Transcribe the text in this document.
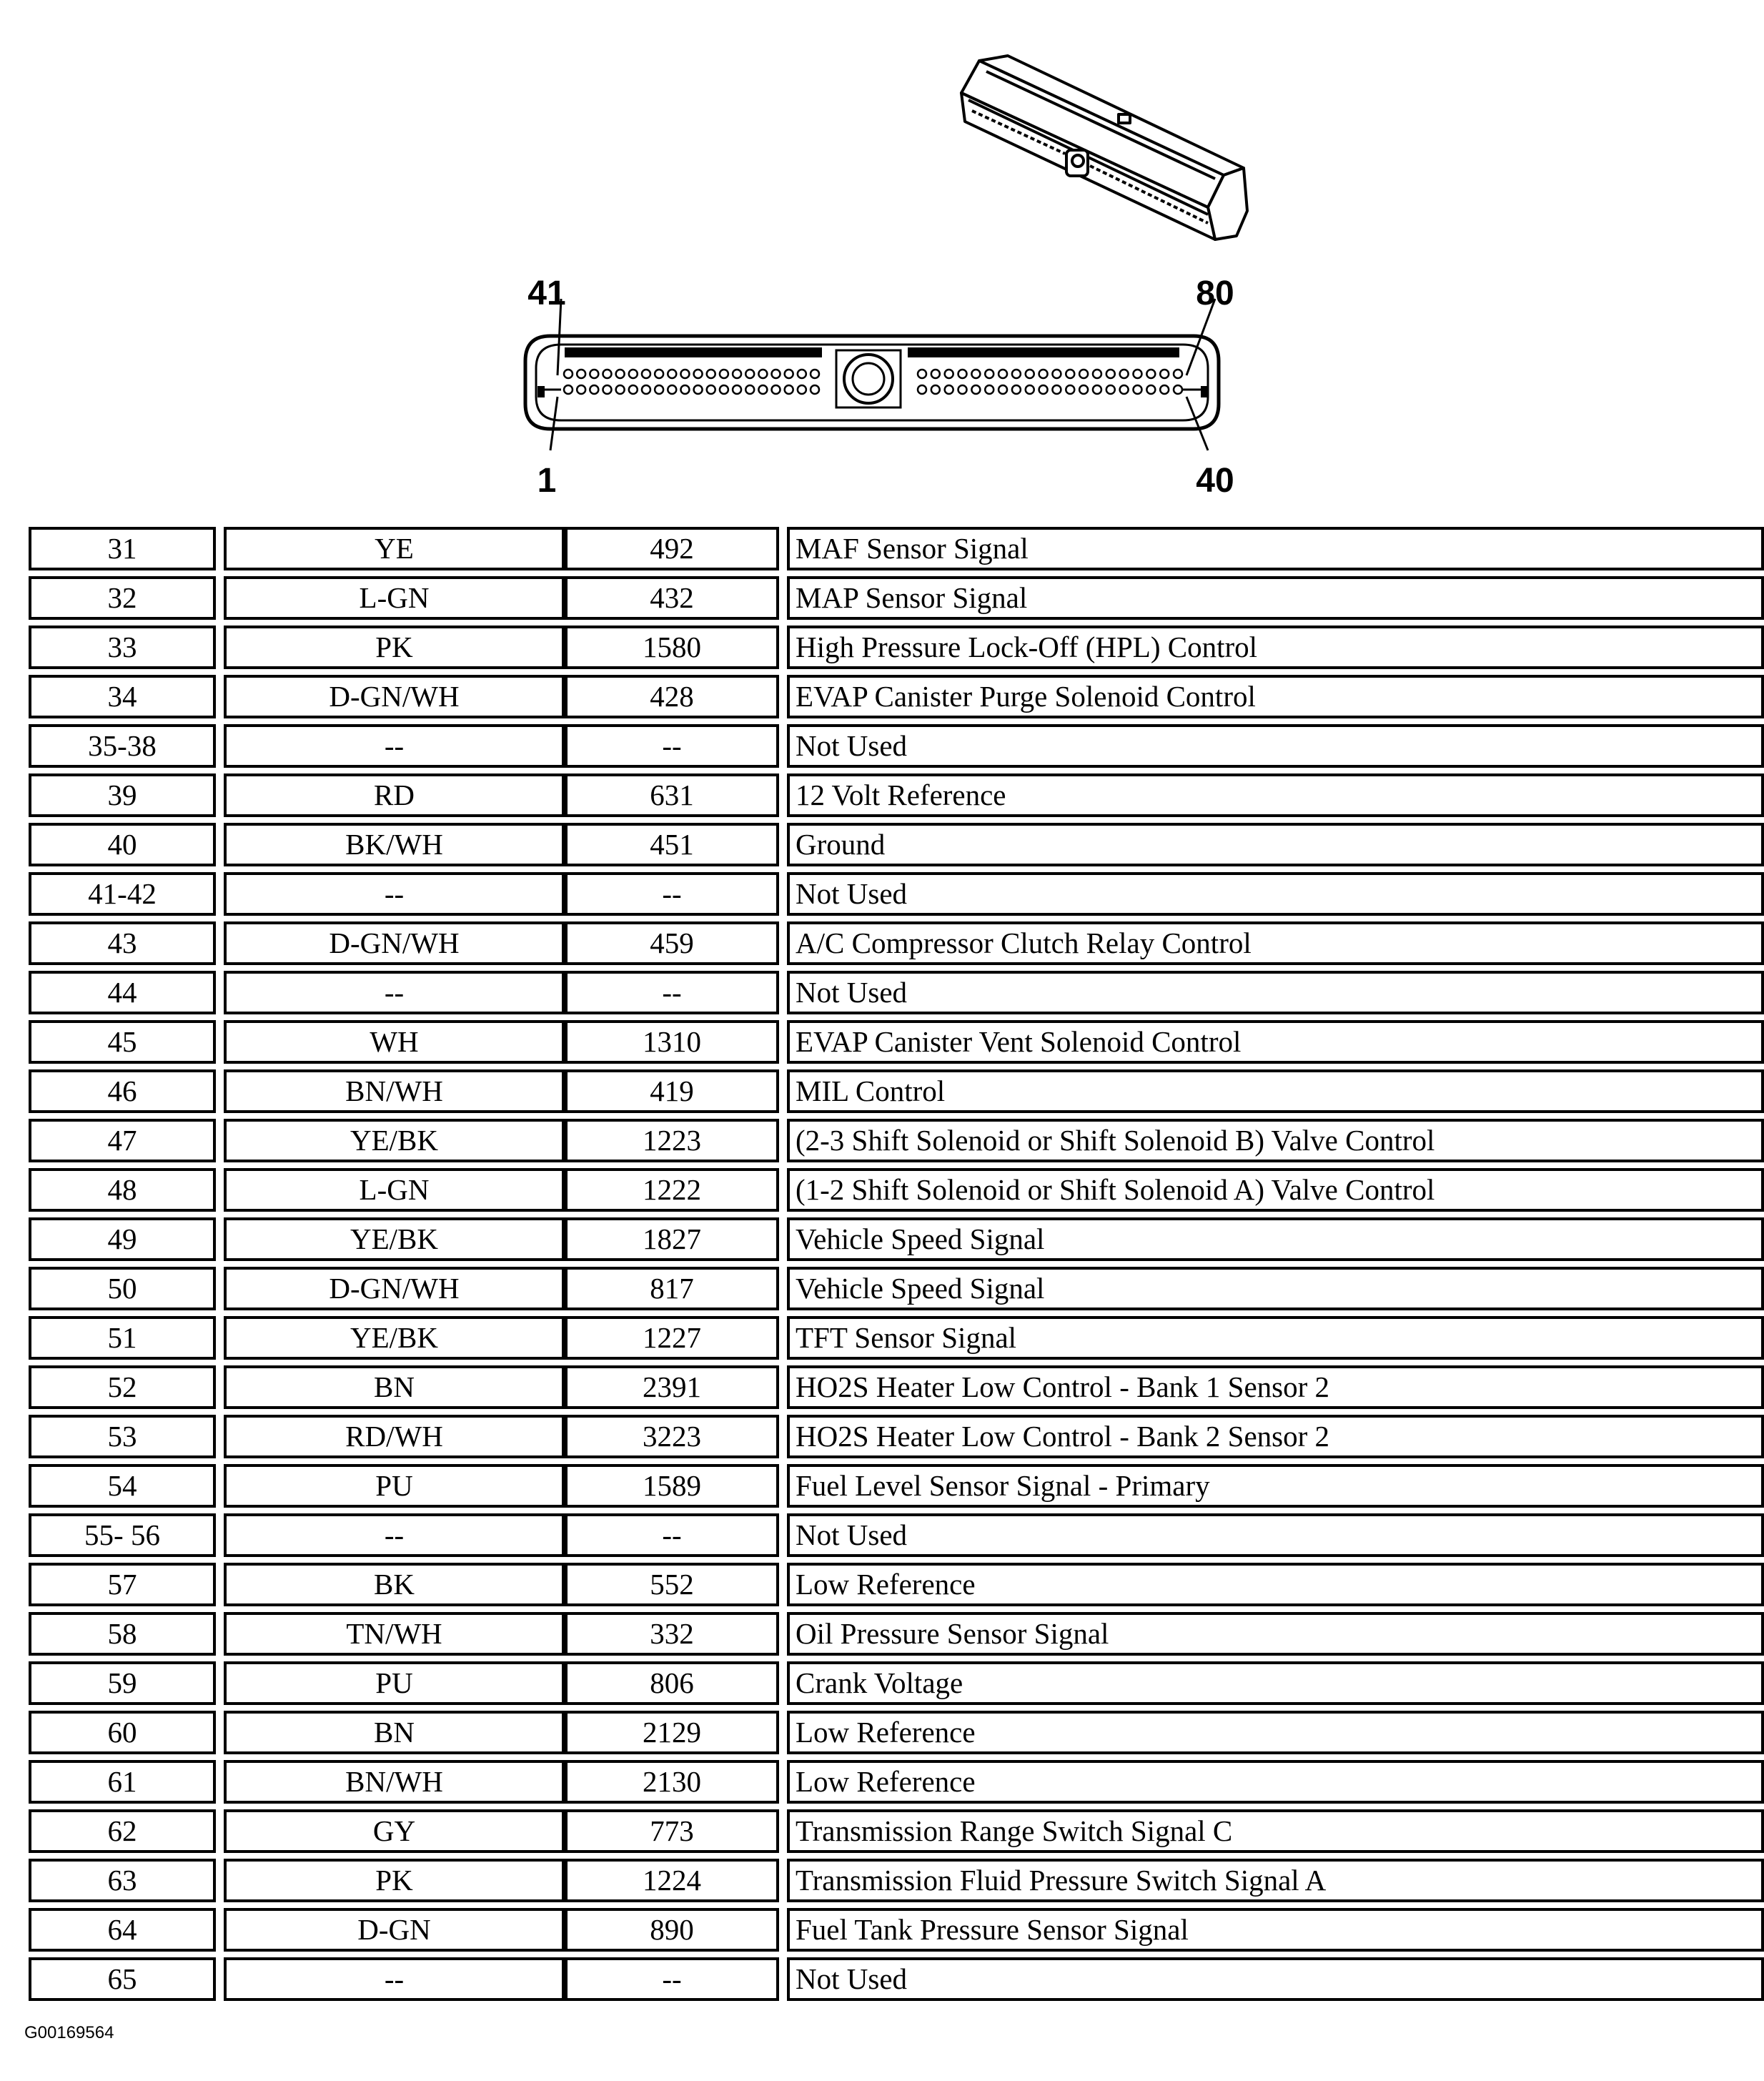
41	80
1	40
31	YE	492	MAF Sensor Signal
32	L-GN	432	MAP Sensor Signal
33	PK	1580	High Pressure Lock-Off (HPL) Control
34	D-GN/WH	428	EVAP Canister Purge Solenoid Control
35-38	--	--	Not Used
39	RD	631	12 Volt Reference
40	BK/WH	451	Ground
41-42	--	--	Not Used
43	D-GN/WH	459	A/C Compressor Clutch Relay Control
44	--	--	Not Used
45	WH	1310	EVAP Canister Vent Solenoid Control
46	BN/WH	419	MIL Control
47	YE/BK	1223	(2-3 Shift Solenoid or Shift Solenoid B) Valve Control
48	L-GN	1222	(1-2 Shift Solenoid or Shift Solenoid A) Valve Control
49	YE/BK	1827	Vehicle Speed Signal
50	D-GN/WH	817	Vehicle Speed Signal
51	YE/BK	1227	TFT Sensor Signal
52	BN	2391	HO2S Heater Low Control - Bank 1 Sensor 2
53	RD/WH	3223	HO2S Heater Low Control - Bank 2 Sensor 2
54	PU	1589	Fuel Level Sensor Signal - Primary
55- 56	--	--	Not Used
57	BK	552	Low Reference
58	TN/WH	332	Oil Pressure Sensor Signal
59	PU	806	Crank Voltage
60	BN	2129	Low Reference
61	BN/WH	2130	Low Reference
62	GY	773	Transmission Range Switch Signal C
63	PK	1224	Transmission Fluid Pressure Switch Signal A
64	D-GN	890	Fuel Tank Pressure Sensor Signal
65	--	--	Not Used
G00169564
